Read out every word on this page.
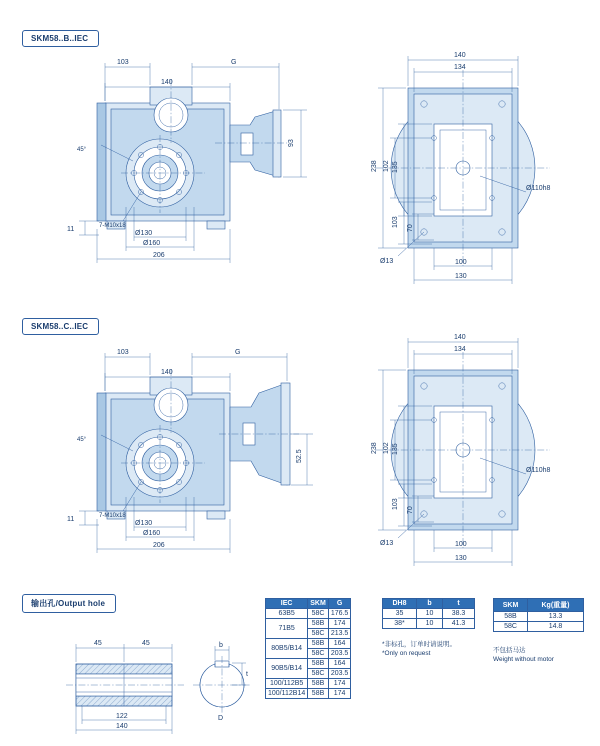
SKM58..B..IEC
45°
103	G
140
93
11
Ø130
Ø160
206
7-M10x18
140
134
135
102
238
103
70
Ø13
Ø110h8
100
130
SKM58..C..IEC
45°
103	G
140
52.5
11
Ø130
Ø160
206
7-M10x18
140
134
135
102
238
103
70
Ø13
Ø110h8
100
130
输出孔/Output hole
45	45
122
140
b
t
D
IEC	SKM	G
63B5	58C	176.5
71B5	58B	174
	58C	213.5
80B5/B14	58B	164
	58C	203.5
90B5/B14	58B	164
	58C	203.5
100/112B5	58B	174
100/112B14	58B	174
DH8	b	t
35	10	38.3
38*	10	41.3
*非标孔，订单时请说明。
*Only on request
SKM	Kg(重量)
58B	13.3
58C	14.8
不包括马达
Weight without motor
